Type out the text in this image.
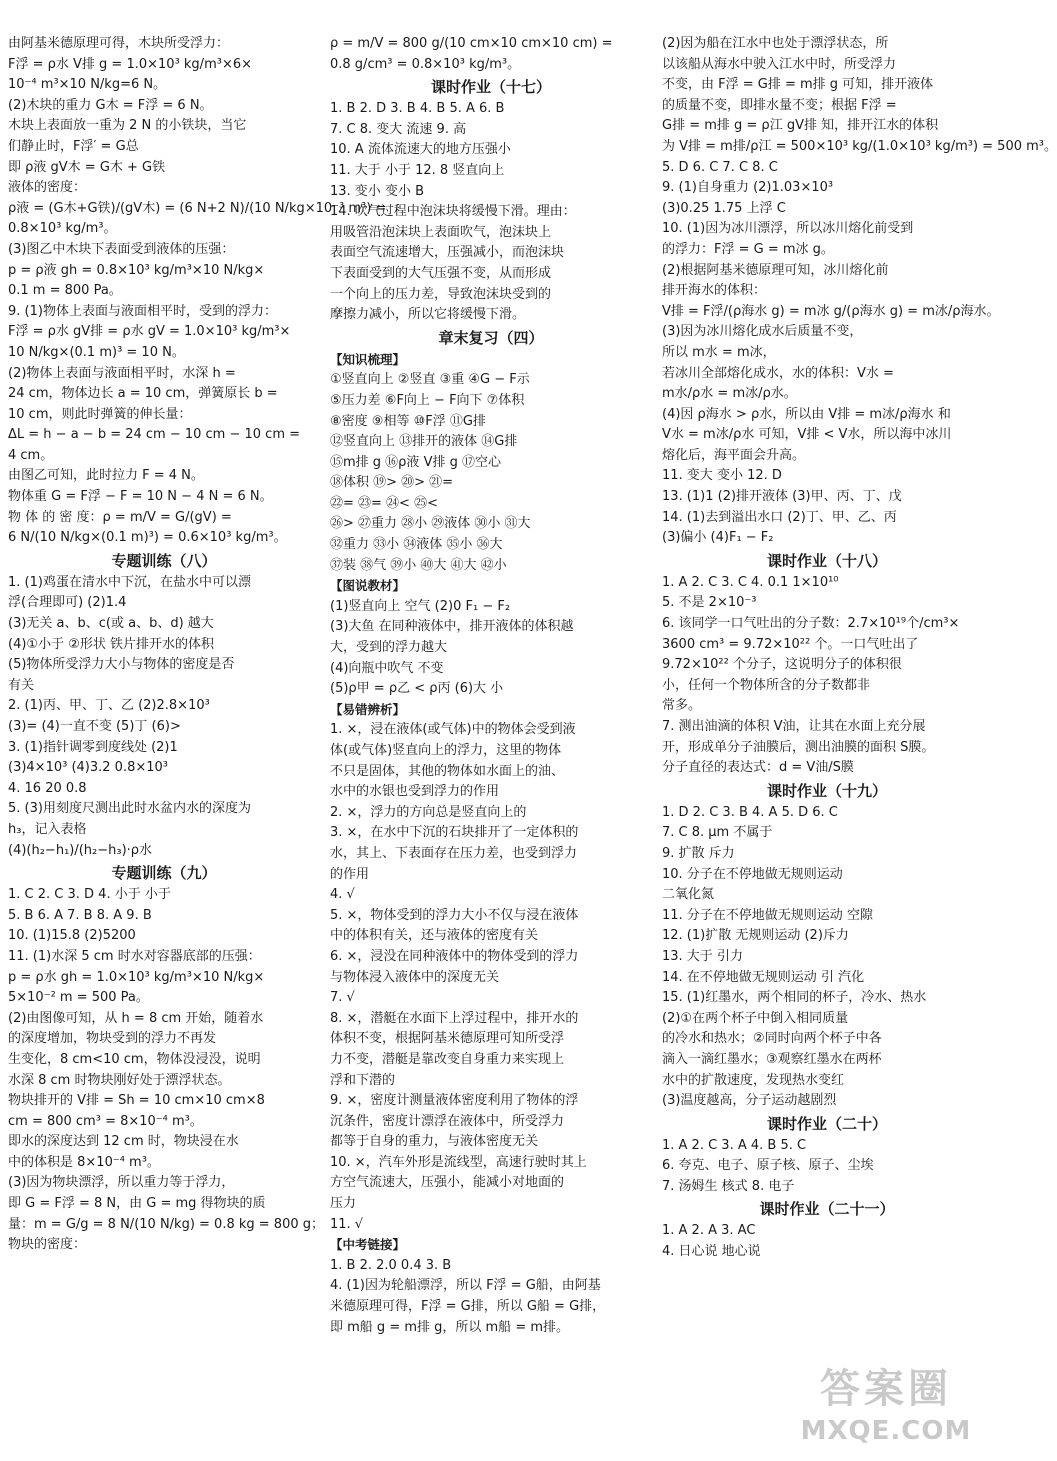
由阿基米德原理可得，木块所受浮力：
F浮 = ρ水 V排 g = 1.0×10³ kg/m³×6×
10⁻⁴ m³×10 N/kg=6 N。
(2)木块的重力 G木 = F浮 = 6 N。
木块上表面放一重为 2 N 的小铁块，当它
们静止时，F浮′ = G总
即 ρ液 gV木 = G木 + G铁
液体的密度：
ρ液 = (G木+G铁)/(gV木) = (6 N+2 N)/(10 N/kg×10⁻³ m³) =
0.8×10³ kg/m³。
(3)图乙中木块下表面受到液体的压强：
p = ρ液 gh = 0.8×10³ kg/m³×10 N/kg×
0.1 m = 800 Pa。
9. (1)物体上表面与液面相平时，受到的浮力：
F浮 = ρ水 gV排 = ρ水 gV = 1.0×10³ kg/m³×
10 N/kg×(0.1 m)³ = 10 N。
(2)物体上表面与液面相平时，水深 h =
24 cm，物体边长 a = 10 cm，弹簧原长 b =
10 cm，则此时弹簧的伸长量：
ΔL = h − a − b = 24 cm − 10 cm − 10 cm =
4 cm。
由图乙可知，此时拉力 F = 4 N。
物体重 G = F浮 − F = 10 N − 4 N = 6 N。
物 体 的 密 度：ρ = m/V = G/(gV) =
6 N/(10 N/kg×(0.1 m)³) = 0.6×10³ kg/m³。
专题训练（八）
1. (1)鸡蛋在清水中下沉，在盐水中可以漂
浮(合理即可) (2)1.4
(3)无关 a、b、c(或 a、b、d) 越大
(4)①小于 ②形状 铁片排开水的体积
(5)物体所受浮力大小与物体的密度是否
有关
2. (1)丙、甲、丁、乙 (2)2.8×10³
(3)= (4)一直不变 (5)丁 (6)>
3. (1)指针调零到度线处 (2)1
(3)4×10³ (4)3.2 0.8×10³
4. 16 20 0.8
5. (3)用刻度尺测出此时水盆内水的深度为
h₃，记入表格
(4)(h₂−h₁)/(h₂−h₃)·ρ水
专题训练（九）
1. C 2. C 3. D 4. 小于 小于
5. B 6. A 7. B 8. A 9. B
10. (1)15.8 (2)5200
11. (1)水深 5 cm 时水对容器底部的压强：
p = ρ水 gh = 1.0×10³ kg/m³×10 N/kg×
5×10⁻² m = 500 Pa。
(2)由图像可知，从 h = 8 cm 开始，随着水
的深度增加，物块受到的浮力不再发
生变化，8 cm<10 cm，物体没浸没，说明
水深 8 cm 时物块刚好处于漂浮状态。
物块排开的 V排 = Sh = 10 cm×10 cm×8
cm = 800 cm³ = 8×10⁻⁴ m³。
即水的深度达到 12 cm 时，物块浸在水
中的体积是 8×10⁻⁴ m³。
(3)因为物块漂浮，所以重力等于浮力，
即 G = F浮 = 8 N，由 G = mg 得物块的质
量：m = G/g = 8 N/(10 N/kg) = 0.8 kg = 800 g；
物块的密度：
ρ = m/V = 800 g/(10 cm×10 cm×10 cm) =
0.8 g/cm³ = 0.8×10³ kg/m³。
课时作业（十七）
1. B 2. D 3. B 4. B 5. A 6. B
7. C 8. 变大 流速 9. 高
10. A 流体流速大的地方压强小
11. 大于 小于 12. 8 竖直向上
13. 变小 变小 B
14. 吹气过程中泡沫块将缓慢下滑。理由：
用吸管沿泡沫块上表面吹气，泡沫块上
表面空气流速增大，压强减小，而泡沫块
下表面受到的大气压强不变，从而形成
一个向上的压力差，导致泡沫块受到的
摩擦力减小，所以它将缓慢下滑。
章末复习（四）
【知识梳理】
①竖直向上 ②竖直 ③重 ④G − F示
⑤压力差 ⑥F向上 − F向下 ⑦体积
⑧密度 ⑨相等 ⑩F浮 ⑪G排
⑫竖直向上 ⑬排开的液体 ⑭G排
⑮m排 g ⑯ρ液 V排 g ⑰空心
⑱体积 ⑲> ⑳> ㉑=
㉒= ㉓= ㉔< ㉕<
㉖> ㉗重力 ㉘小 ㉙液体 ㉚小 ㉛大
㉜重力 ㉝小 ㉞液体 ㉟小 ㊱大
㊲装 ㊳气 ㊴小 ㊵大 ㊶大 ㊷小
【图说教材】
(1)竖直向上 空气 (2)0 F₁ − F₂
(3)大鱼 在同种液体中，排开液体的体积越
大，受到的浮力越大
(4)向瓶中吹气 不变
(5)ρ甲 = ρ乙 < ρ丙 (6)大 小
【易错辨析】
1. ×，浸在液体(或气体)中的物体会受到液
体(或气体)竖直向上的浮力，这里的物体
不只是固体，其他的物体如水面上的油、
水中的水银也受到浮力的作用
2. ×，浮力的方向总是竖直向上的
3. ×，在水中下沉的石块排开了一定体积的
水，其上、下表面存在压力差，也受到浮力
的作用
4. √
5. ×，物体受到的浮力大小不仅与浸在液体
中的体积有关，还与液体的密度有关
6. ×，浸没在同种液体中的物体受到的浮力
与物体浸入液体中的深度无关
7. √
8. ×，潜艇在水面下上浮过程中，排开水的
体积不变，根据阿基米德原理可知所受浮
力不变，潜艇是靠改变自身重力来实现上
浮和下潜的
9. ×，密度计测量液体密度利用了物体的浮
沉条件，密度计漂浮在液体中，所受浮力
都等于自身的重力，与液体密度无关
10. ×，汽车外形是流线型，高速行驶时其上
方空气流速大，压强小，能减小对地面的
压力
11. √
【中考链接】
1. B 2. 2.0 0.4 3. B
4. (1)因为轮船漂浮，所以 F浮 = G船，由阿基
米德原理可得，F浮 = G排，所以 G船 = G排，
即 m船 g = m排 g，所以 m船 = m排。
(2)因为船在江水中也处于漂浮状态，所
以该船从海水中驶入江水中时，所受浮力
不变，由 F浮 = G排 = m排 g 可知，排开液体
的质量不变，即排水量不变；根据 F浮 =
G排 = m排 g = ρ江 gV排 知，排开江水的体积
为 V排 = m排/ρ江 = 500×10³ kg/(1.0×10³ kg/m³) = 500 m³。
5. D 6. C 7. C 8. C
9. (1)自身重力 (2)1.03×10³
(3)0.25 1.75 上浮 C
10. (1)因为冰川漂浮，所以冰川熔化前受到
的浮力：F浮 = G = m冰 g。
(2)根据阿基米德原理可知，冰川熔化前
排开海水的体积：
V排 = F浮/(ρ海水 g) = m冰 g/(ρ海水 g) = m冰/ρ海水。
(3)因为冰川熔化成水后质量不变，
所以 m水 = m冰，
若冰川全部熔化成水，水的体积：V水 =
m水/ρ水 = m冰/ρ水。
(4)因 ρ海水 > ρ水，所以由 V排 = m冰/ρ海水 和
V水 = m冰/ρ水 可知，V排 < V水，所以海中冰川
熔化后，海平面会升高。
11. 变大 变小 12. D
13. (1)1 (2)排开液体 (3)甲、丙、丁、戊
14. (1)去到溢出水口 (2)丁、甲、乙、丙
(3)偏小 (4)F₁ − F₂
课时作业（十八）
1. A 2. C 3. C 4. 0.1 1×10¹⁰
5. 不是 2×10⁻³
6. 该同学一口气吐出的分子数：2.7×10¹⁹个/cm³×
3600 cm³ = 9.72×10²² 个。一口气吐出了
9.72×10²² 个分子，这说明分子的体积很
小，任何一个物体所含的分子数都非
常多。
7. 测出油滴的体积 V油，让其在水面上充分展
开，形成单分子油膜后，测出油膜的面积 S膜。
分子直径的表达式：d = V油/S膜
课时作业（十九）
1. D 2. C 3. B 4. A 5. D 6. C
7. C 8. μm 不属于
9. 扩散 斥力
10. 分子在不停地做无规则运动
二氧化氮
11. 分子在不停地做无规则运动 空隙
12. (1)扩散 无规则运动 (2)斥力
13. 大于 引力
14. 在不停地做无规则运动 引 汽化
15. (1)红墨水，两个相同的杯子，冷水、热水
(2)①在两个杯子中倒入相同质量
的冷水和热水；②同时向两个杯子中各
滴入一滴红墨水；③观察红墨水在两杯
水中的扩散速度，发现热水变红
(3)温度越高，分子运动越剧烈
课时作业（二十）
1. A 2. C 3. A 4. B 5. C
6. 夸克、电子、原子核、原子、尘埃
7. 汤姆生 核式 8. 电子
课时作业（二十一）
1. A 2. A 3. AC
4. 日心说 地心说
答案圈
MXQE.COM
